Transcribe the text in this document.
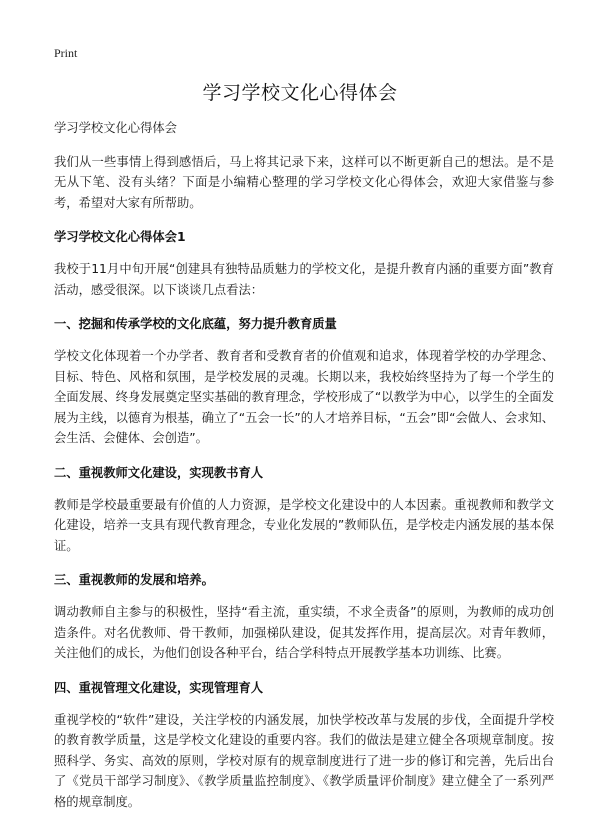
Print
学习学校文化心得体会

学习学校文化心得体会

我们从一些事情上得到感悟后，马上将其记录下来，这样可以不断更新自己的想法。是不是无从下笔、没有头绪？下面是小编精心整理的学习学校文化心得体会，欢迎大家借鉴与参考，希望对大家有所帮助。

学习学校文化心得体会1

我校于11月中旬开展“创建具有独特品质魅力的学校文化，是提升教育内涵的重要方面”教育活动，感受很深。以下谈谈几点看法：

一、挖掘和传承学校的文化底蕴，努力提升教育质量

学校文化体现着一个办学者、教育者和受教育者的价值观和追求，体现着学校的办学理念、目标、特色、风格和氛围，是学校发展的灵魂。长期以来，我校始终坚持为了每一个学生的全面发展、终身发展奠定坚实基础的教育理念，学校形成了“以教学为中心，以学生的全面发展为主线，以德育为根基，确立了“五会一长”的人才培养目标，“五会”即“会做人、会求知、会生活、会健体、会创造”。

二、重视教师文化建设，实现教书育人

教师是学校最重要最有价值的人力资源，是学校文化建设中的人本因素。重视教师和教学文化建设，培养一支具有现代教育理念，专业化发展的”教师队伍，是学校走内涵发展的基本保证。

三、重视教师的发展和培养。

调动教师自主参与的积极性，坚持“看主流，重实绩，不求全责备”的原则，为教师的成功创造条件。对名优教师、骨干教师，加强梯队建设，促其发挥作用，提高层次。对青年教师，关注他们的成长，为他们创设各种平台，结合学科特点开展教学基本功训练、比赛。

四、重视管理文化建设，实现管理育人

重视学校的“软件”建设，关注学校的内涵发展，加快学校改革与发展的步伐，全面提升学校的教育教学质量，这是学校文化建设的重要内容。我们的做法是建立健全各项规章制度。按照科学、务实、高效的原则，学校对原有的规章制度进行了进一步的修订和完善，先后出台了《党员干部学习制度》、《教学质量监控制度》、《教学质量评价制度》建立健全了一系列严格的规章制度。
